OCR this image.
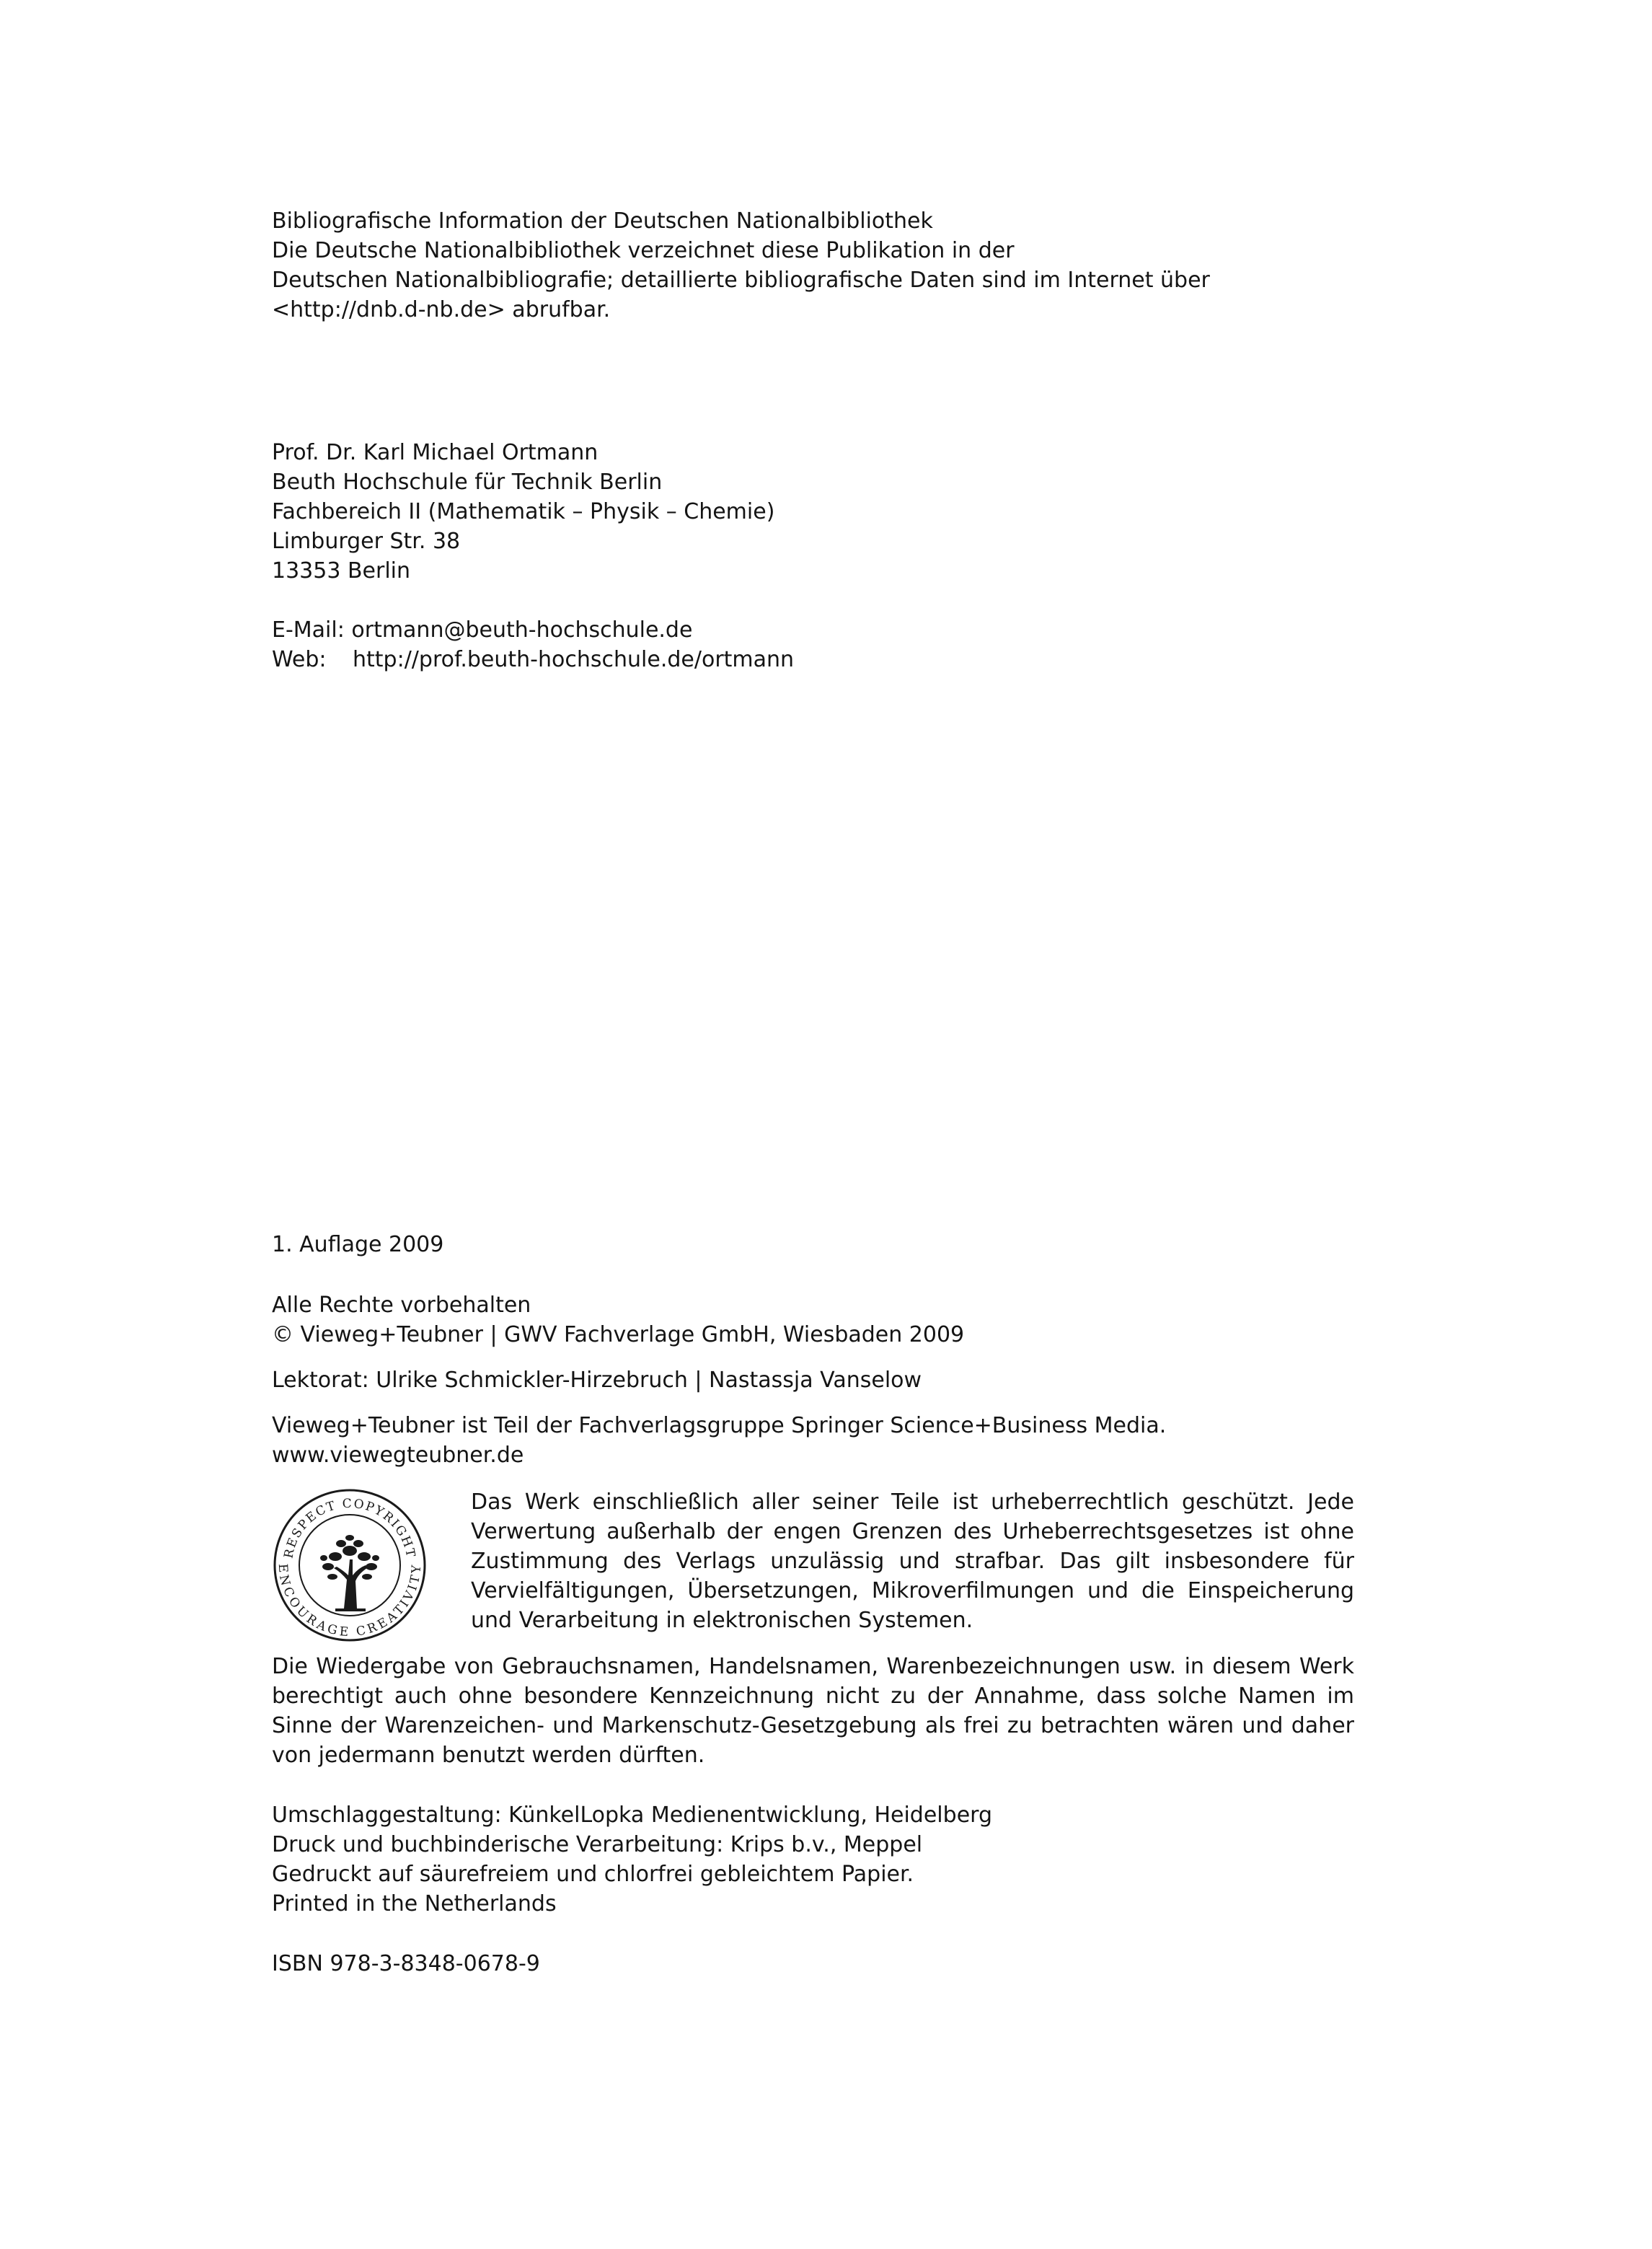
Bibliografische Information der Deutschen Nationalbibliothek
Die Deutsche Nationalbibliothek verzeichnet diese Publikation in der
Deutschen Nationalbibliografie; detaillierte bibliografische Daten sind im Internet über
<http://dnb.d-nb.de> abrufbar.
Prof. Dr. Karl Michael Ortmann
Beuth Hochschule für Technik Berlin
Fachbereich II (Mathematik – Physik – Chemie)
Limburger Str. 38
13353 Berlin
E-Mail: ortmann@beuth-hochschule.de
Web: http://prof.beuth-hochschule.de/ortmann
1. Auflage 2009
Alle Rechte vorbehalten
© Vieweg+Teubner | GWV Fachverlage GmbH, Wiesbaden 2009
Lektorat: Ulrike Schmickler-Hirzebruch | Nastassja Vanselow
Vieweg+Teubner ist Teil der Fachverlagsgruppe Springer Science+Business Media.
www.viewegteubner.de
RESPECT COPYRIGHT
ENCOURAGE CREATIVITY
Das Werk einschließlich aller seiner Teile ist urheberrechtlich geschützt. Jede
Verwertung außerhalb der engen Grenzen des Urheberrechtsgesetzes ist ohne
Zustimmung des Verlags unzulässig und strafbar. Das gilt insbesondere für
Vervielfältigungen, Übersetzungen, Mikroverfilmungen und die Einspeicherung
und Verarbeitung in elektronischen Systemen.
Die Wiedergabe von Gebrauchsnamen, Handelsnamen, Warenbezeichnungen usw. in diesem Werk
berechtigt auch ohne besondere Kennzeichnung nicht zu der Annahme, dass solche Namen im
Sinne der Warenzeichen- und Markenschutz-Gesetzgebung als frei zu betrachten wären und daher
von jedermann benutzt werden dürften.
Umschlaggestaltung: KünkelLopka Medienentwicklung, Heidelberg
Druck und buchbinderische Verarbeitung: Krips b.v., Meppel
Gedruckt auf säurefreiem und chlorfrei gebleichtem Papier.
Printed in the Netherlands
ISBN 978-3-8348-0678-9
